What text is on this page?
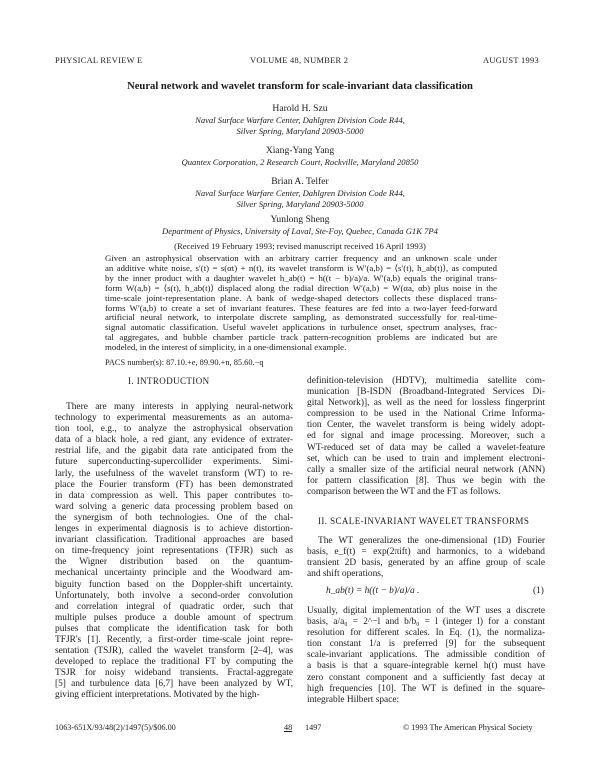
PHYSICAL REVIEW E	VOLUME 48, NUMBER 2	AUGUST 1993
Neural network and wavelet transform for scale-invariant data classification
Harold H. Szu
Naval Surface Warfare Center, Dahlgren Division Code R44,
Silver Spring, Maryland 20903-5000
Xiang-Yang Yang
Quantex Corporation, 2 Research Court, Rockville, Maryland 20850
Brian A. Telfer
Naval Surface Warfare Center, Dahlgren Division Code R44,
Silver Spring, Maryland 20903-5000
Yunlong Sheng
Department of Physics, University of Laval, Ste-Foy, Quebec, Canada G1K 7P4
(Received 19 February 1993; revised manuscript received 16 April 1993)
Given an astrophysical observation with an arbitrary carrier frequency and an unknown scale under
an additive white noise, s′(t) = s(αt) + n(t), its wavelet transform is W′(a,b) = ⟨s′(t), h_ab(t)⟩, as computed
by the inner product with a daughter wavelet h_ab(t) = h((t − b)/a)/a. W′(a,b) equals the original trans-
form W(a,b) = ⟨s(t), h_ab(t)⟩ displaced along the radial direction W′(a,b) = W(αa, αb) plus noise in the
time-scale joint-representation plane. A bank of wedge-shaped detectors collects these displaced trans-
forms W′(a,b) to create a set of invariant features. These features are fed into a two-layer feed-forward
artificial neural network, to interpolate discrete sampling, as demonstrated successfully for real-time-
signal automatic classification. Useful wavelet applications in turbulence onset, spectrum analyses, frac-
tal aggregates, and bubble chamber particle track pattern-recognition problems are indicated but are
modeled, in the interest of simplicity, in a one-dimensional example.
PACS number(s): 87.10.+e, 89.90.+n, 85.60.−q
I. INTRODUCTION
There are many interests in applying neural-network
technology to experimental measurements as an automa-
tion tool, e.g., to analyze the astrophysical observation
data of a black hole, a red giant, any evidence of extrater-
restrial life, and the gigabit data rate anticipated from the
future superconducting-supercollider experiments. Simi-
larly, the usefulness of the wavelet transform (WT) to re-
place the Fourier transform (FT) has been demonstrated
in data compression as well. This paper contributes to-
ward solving a generic data processing problem based on
the synergism of both technologies. One of the chal-
lenges in experimental diagnosis is to achieve distortion-
invariant classification. Traditional approaches are based
on time-frequency joint representations (TFJR) such as
the Wigner distribution based on the quantum-
mechanical uncertainty principle and the Woodward am-
biguity function based on the Doppler-shift uncertainty.
Unfortunately, both involve a second-order convolution
and correlation integral of quadratic order, such that
multiple pulses produce a double amount of spectrum
pulses that complicate the identification task for both
TFJR's [1]. Recently, a first-order time-scale joint repre-
sentation (TSJR), called the wavelet transform [2–4], was
developed to replace the traditional FT by computing the
TSJR for noisy wideband transients. Fractal-aggregate
[5] and turbulence data [6,7] have been analyzed by WT,
giving efficient interpretations. Motivated by the high-
definition-television (HDTV), multimedia satellite com-
munication [B-ISDN (Broadband-Integrated Services Di-
gital Network)], as well as the need for lossless fingerprint
compression to be used in the National Crime Informa-
tion Center, the wavelet transform is being widely adopt-
ed for signal and image processing. Moreover, such a
WT-reduced set of data may be called a wavelet-feature
set, which can be used to train and implement electroni-
cally a smaller size of the artificial neural network (ANN)
for pattern classification [8]. Thus we begin with the
comparison between the WT and the FT as follows.
II. SCALE-INVARIANT WAVELET TRANSFORMS
The WT generalizes the one-dimensional (1D) Fourier
basis, e_f(t) = exp(2πift) and harmonics, to a wideband
transient 2D basis, generated by an affine group of scale
and shift operations,
h_ab(t) = h((t − b)/a)/a .	(1)
Usually, digital implementation of the WT uses a discrete
basis, a/a₀ = 2^−l and b/b₀ = l (integer l) for a constant
resolution for different scales. In Eq. (1), the normaliza-
tion constant 1/a is preferred [9] for the subsequent
scale-invariant applications. The admissible condition of
a basis is that a square-integrable kernel h(t) must have
zero constant component and a sufficiently fast decay at
high frequencies [10]. The WT is defined in the square-
integrable Hilbert space:
1063-651X/93/48(2)/1497(5)/$06.00	48 1497	© 1993 The American Physical Society
